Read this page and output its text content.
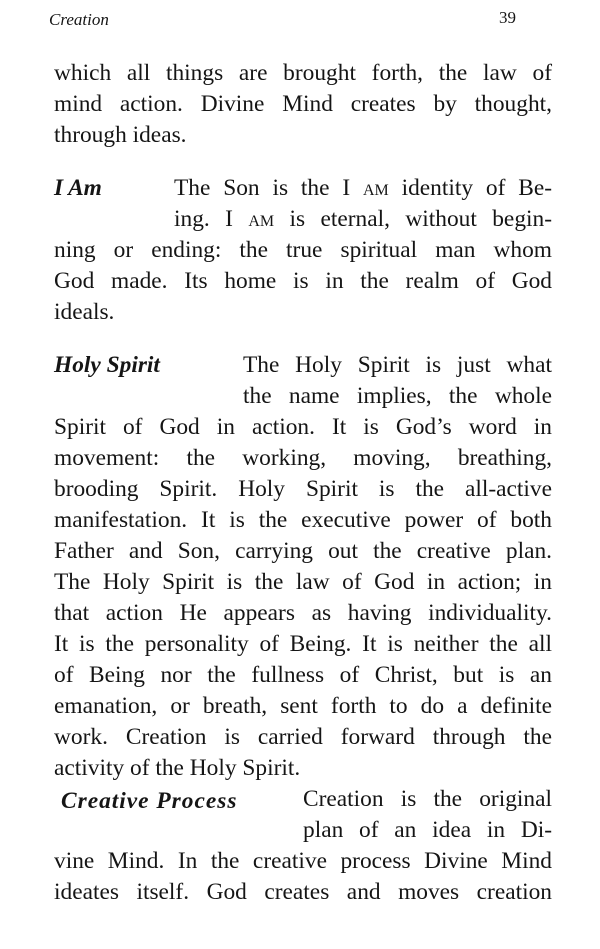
Creation	39
which all things are brought forth, the law of
mind action. Divine Mind creates by thought,
through ideas.
I Am	The Son is the I am identity of Be-
ing. I am is eternal, without begin-
ning or ending: the true spiritual man whom
God made. Its home is in the realm of God
ideals.
Holy Spirit	The Holy Spirit is just what
the name implies, the whole
Spirit of God in action. It is God’s word in
movement: the working, moving, breathing,
brooding Spirit. Holy Spirit is the all-active
manifestation. It is the executive power of both
Father and Son, carrying out the creative plan.
The Holy Spirit is the law of God in action; in
that action He appears as having individuality.
It is the personality of Being. It is neither the all
of Being nor the fullness of Christ, but is an
emanation, or breath, sent forth to do a definite
work. Creation is carried forward through the
activity of the Holy Spirit.
Creative Process	Creation is the original
plan of an idea in Di-
vine Mind. In the creative process Divine Mind
ideates itself. God creates and moves creation
